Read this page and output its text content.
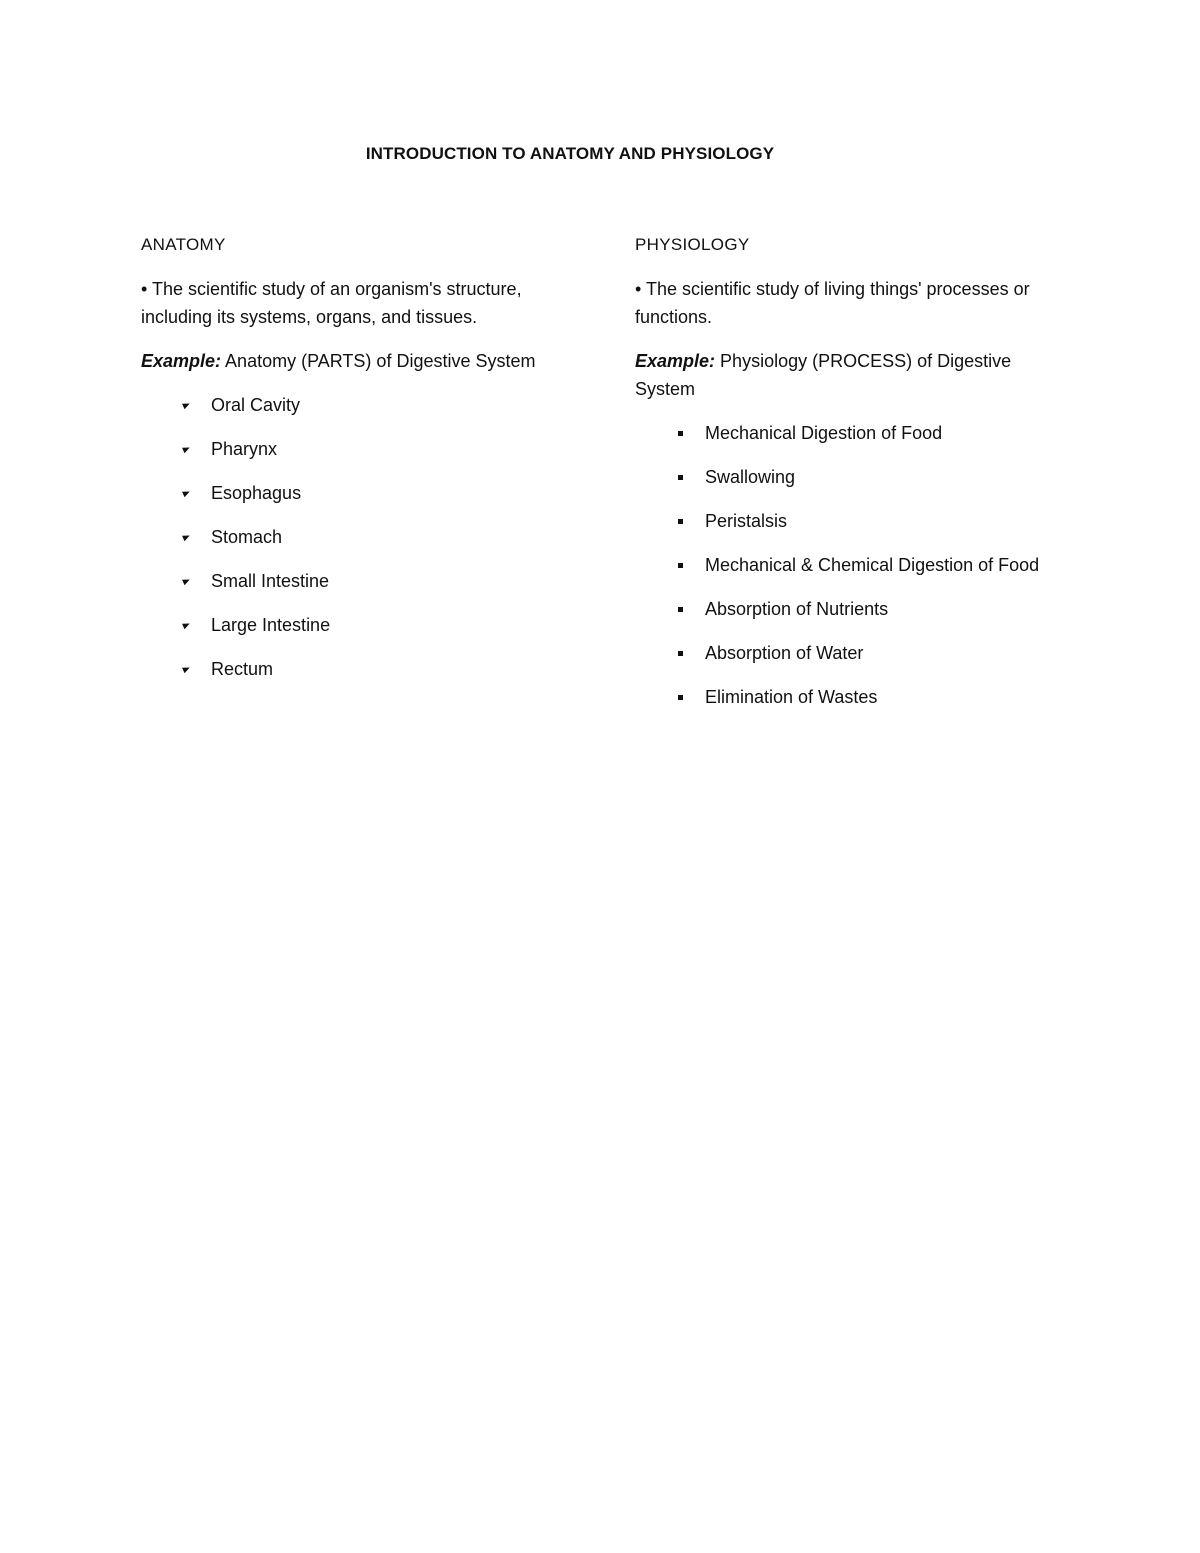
INTRODUCTION TO ANATOMY AND PHYSIOLOGY
ANATOMY
• The scientific study of an organism's structure, including its systems, organs, and tissues.
Example: Anatomy (PARTS) of Digestive System
Oral Cavity
Pharynx
Esophagus
Stomach
Small Intestine
Large Intestine
Rectum
PHYSIOLOGY
• The scientific study of living things' processes or functions.
Example: Physiology (PROCESS) of Digestive System
Mechanical Digestion of Food
Swallowing
Peristalsis
Mechanical & Chemical Digestion of Food
Absorption of Nutrients
Absorption of Water
Elimination of Wastes
